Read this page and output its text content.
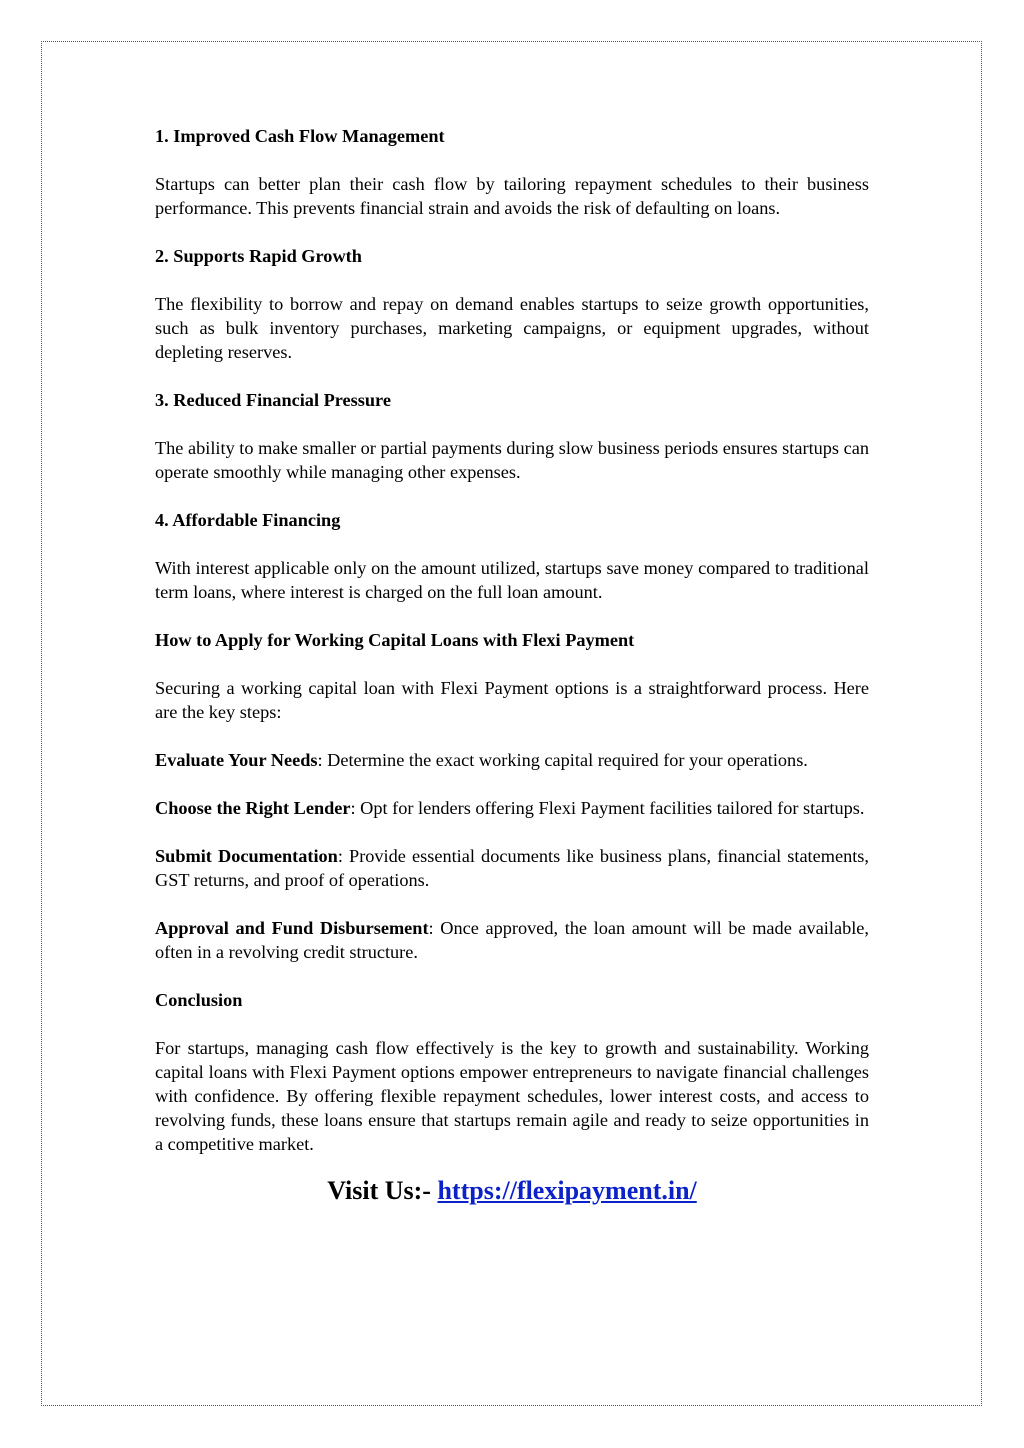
1. Improved Cash Flow Management

Startups can better plan their cash flow by tailoring repayment schedules to their business performance. This prevents financial strain and avoids the risk of defaulting on loans.

2. Supports Rapid Growth

The flexibility to borrow and repay on demand enables startups to seize growth opportunities, such as bulk inventory purchases, marketing campaigns, or equipment upgrades, without depleting reserves.

3. Reduced Financial Pressure

The ability to make smaller or partial payments during slow business periods ensures startups can operate smoothly while managing other expenses.

4. Affordable Financing

With interest applicable only on the amount utilized, startups save money compared to traditional term loans, where interest is charged on the full loan amount.

How to Apply for Working Capital Loans with Flexi Payment

Securing a working capital loan with Flexi Payment options is a straightforward process. Here are the key steps:

Evaluate Your Needs: Determine the exact working capital required for your operations.

Choose the Right Lender: Opt for lenders offering Flexi Payment facilities tailored for startups.

Submit Documentation: Provide essential documents like business plans, financial statements, GST returns, and proof of operations.

Approval and Fund Disbursement: Once approved, the loan amount will be made available, often in a revolving credit structure.

Conclusion

For startups, managing cash flow effectively is the key to growth and sustainability. Working capital loans with Flexi Payment options empower entrepreneurs to navigate financial challenges with confidence. By offering flexible repayment schedules, lower interest costs, and access to revolving funds, these loans ensure that startups remain agile and ready to seize opportunities in a competitive market.

Visit Us:- https://flexipayment.in/
